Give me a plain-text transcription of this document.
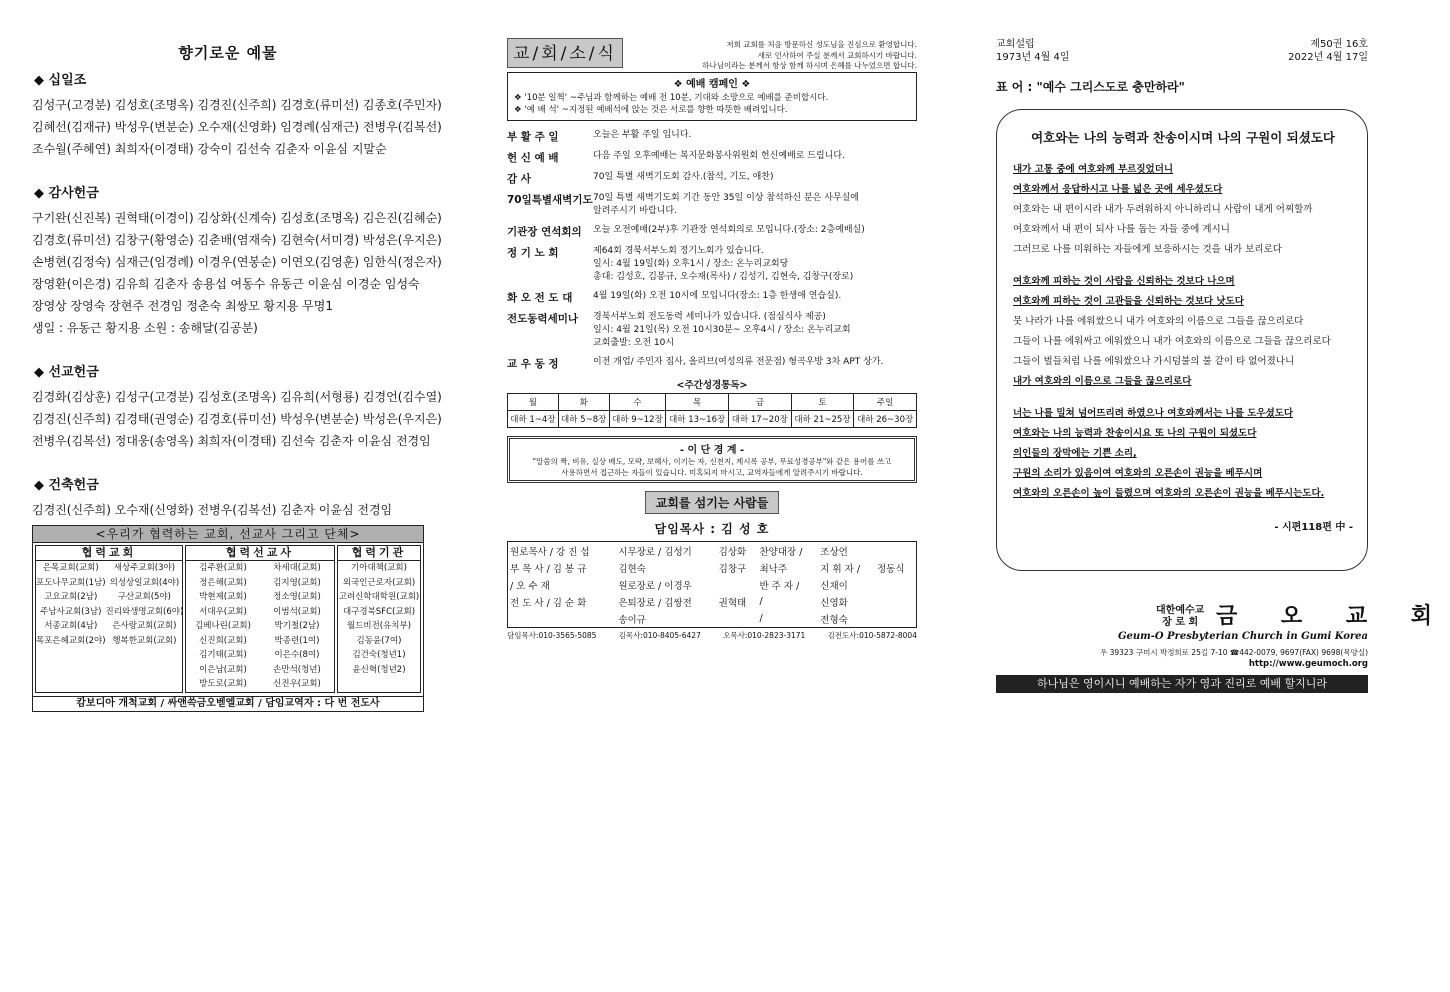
향기로운 예물
◆ 십일조
김성구(고경분) 김성호(조명옥) 김경진(신주희) 김경호(류미선) 김종호(주민자)
김혜선(김재규) 박성우(변분순) 오수재(신영화) 임경례(심재근) 전병우(김복선)
조수월(주혜연) 최희자(이경태) 강숙이 김선숙 김춘자 이윤심 지말순
◆ 감사헌금
구기완(신진복) 권혁태(이경이) 김상화(신계숙) 김성호(조명옥) 김은진(김혜순)
김경호(류미선) 김창구(황영순) 김춘배(염재숙) 김현숙(서미경) 박성은(우지은)
손병현(김정숙) 심재근(임경례) 이경우(연봉순) 이연오(김영훈) 임한식(정은자)
장영환(이은경) 김유희 김춘자 송용섭 여동수 유동근 이윤심 이경순 임성숙
장영상 장영숙 장현주 전경임 정춘숙 최쌍모 황지용 무명1
생일 : 유동근 황지용 소원 : 송해달(김공분)
◆ 선교헌금
김경화(김상훈) 김성구(고경분) 김성호(조명옥) 김유희(서형룡) 김경언(김수열)
김경진(신주희) 김경태(권영순) 김경호(류미선) 박성우(변분순) 박성은(우지은)
전병우(김복선) 정대웅(송영옥) 최희자(이경태) 김선숙 김춘자 이윤심 전경임
◆ 건축헌금
김경진(신주희) 오수재(신영화) 전병우(김복선) 김춘자 이윤심 전경임
<우리가 협력하는 교회, 선교사 그리고 단체>
협력교회
은목교회(교회)	새상주교회(3야)
포도나무교회(1남) 의성상일교회(4야)
고요교회(2남)	구산교회(5야)
주남사교회(3남) 진리와생명교회(6야)
서종교회(4남)	은사랑교회(교회)
목포은혜교회(2야) 행복한교회(교회)
협력선교사
김주환(교회)	차세대(교회)
정은해(교회)	김지영(교회)
박현제(교회)	정소영(교회)
서대우(교회)	이범석(교회)
김베나린(교회)	박기철(2남)
신진희(교회)	박종련(1여)
김기태(교회)	이은수(8여)
이은남(교회)	손만석(청년)
방도로(교회)	신진우(교회)
협력기관
기아대책(교회)
외국인근로자(교회)
고려신학대학원(교회)
대구경북SFC(교회)
월드비전(유치부)
김동윤(7여)
김건숙(청년1)
윤신혁(청년2)
캄보디아 개척교회 / 싸앤쓱금오벧엘교회 / 담임교역자 : 다 번 전도사
교/회/소/식	저희 교회를 처음 방문하신 성도님을 진심으로 환영합니다.
새로 인사하여 주실 분께서 교회하시기 바랍니다.
하나님이라는 분께서 항상 함께 하시며 은혜를 나누었으면 합니다.
❖ 예배 캠페인 ❖
❖ '10분 일찍' ~주님과 함께하는 예배 전 10분, 기대와 소망으로 예배를 준비합시다.
❖ '예 배 석' ~지정된 예배석에 앉는 것은 서로를 향한 따뜻한 배려입니다.
부 활 주 일	오늘은 부활 주일 입니다.
헌 신 예 배	다음 주일 오후예배는 복지문화봉사위원회 헌신예배로 드립니다.
감 사	70일 특별 새벽기도회 감사.(참석, 기도, 애찬)
70일특별새벽기도 70일 특별 새벽기도회 기간 동안 35일 이상 참석하신 분은 사무실에
알려주시기 바랍니다.
기관장 연석회의	오늘 오전예배(2부)후 기관장 연석회의로 모입니다.(장소: 2층예배실)
정 기 노 회	제64회 경북서부노회 정기노회가 있습니다.
일시: 4월 19일(화) 오후1시 / 장소: 온누리교회당
총대: 김성호, 김봉규, 오수재(목사) / 김성기, 김현숙, 김창구(장로)
화 오 전 도 대	4월 19일(화) 오전 10시에 모입니다(장소: 1층 한생애 연습실).
전도동력세미나	경북서부노회 전도동력 세미나가 있습니다. (점심식사 제공)
일시: 4월 21일(목) 오전 10시30분~ 오후4시 / 장소: 온누리교회
교회출발: 오전 10시
교 우 동 정	이전 개업/ 주민자 집사, 올리브(여성의류 전문점) 형곡우방 3차 APT 상가.
<주간성경통독>
월	화	수	목	금	토	주일
대하 1~4장	대하 5~8장	대하 9~12장	대하 13~16장	대하 17~20장	대하 21~25장	대하 26~30장
- 이 단 경 계 -
"말씀의 짝, 비유, 실상 배도, 모략, 보혜사, 이기는 자, 신천지, 계시록 공부, 무료성경공부"와 같은 용어를 쓰고
사용하면서 접근하는 자들이 있습니다. 미혹되지 마시고, 교역자들에게 알려주시기 바랍니다.
교회를 섬기는 사람들
담임목사 : 김 성 호
원로목사 / 강 진 섭	시무장로 / 김성기	김상화	찬양대장 /	조상언	
부 목 사 / 김 봉 규	김현숙	김창구	최낙주	지 휘 자 /	정동식
/ 오 수 재	원로장로 / 이경우		반 주 자 /	신채이	
전 도 사 / 김 순 화	은퇴장로 / 김쌍전	권혁태	/	신영화	
	송이규		/	전형숙	
담임목사:010-3565-5085	김목사:010-8405-6427	오목사:010-2823-3171	김전도사:010-5872-8004
교회설립
1973년 4월 4일
제50권 16호
2022년 4월 17일
표 어 : "예수 그리스도로 충만하라"
여호와는 나의 능력과 찬송이시며 나의 구원이 되셨도다
내가 고통 중에 여호와께 부르짖었더니
여호와께서 응답하시고 나를 넓은 곳에 세우셨도다
여호와는 내 편이시라 내가 두려워하지 아니하리니 사람이 내게 어찌할까
여호와께서 내 편이 되사 나를 돕는 자들 중에 계시니
그러므로 나를 미워하는 자들에게 보응하시는 것을 내가 보리로다
여호와께 피하는 것이 사람을 신뢰하는 것보다 나으며
여호와께 피하는 것이 고관들을 신뢰하는 것보다 낫도다
뭇 나라가 나를 에워쌌으니 내가 여호와의 이름으로 그들을 끊으리로다
그들이 나를 에워싸고 에워쌌으니 내가 여호와의 이름으로 그들을 끊으리로다
그들이 벌들처럼 나를 에워쌌으나 가시덤불의 불 같이 타 없어졌나니
내가 여호와의 이름으로 그들을 끊으리로다
너는 나를 밀쳐 넘어뜨리려 하였으나 여호와께서는 나를 도우셨도다
여호와는 나의 능력과 찬송이시요 또 나의 구원이 되셨도다
의인들의 장막에는 기쁜 소리,
구원의 소리가 있음이여 여호와의 오른손이 권능을 베푸시며
여호와의 오른손이 높이 들렸으며 여호와의 오른손이 권능을 베푸시는도다.
- 시편118편 中 -
대한예수교
장 로 회 금 오 교 회
Geum-O Presbyterian Church in Gumi Korea
우 39323 구미시 박정희로 25길 7-10 ☎442-0079, 9697(FAX) 9698(목양실)
http://www.geumoch.org
하나님은 영이시니 예배하는 자가 영과 진리로 예배 할지니라
